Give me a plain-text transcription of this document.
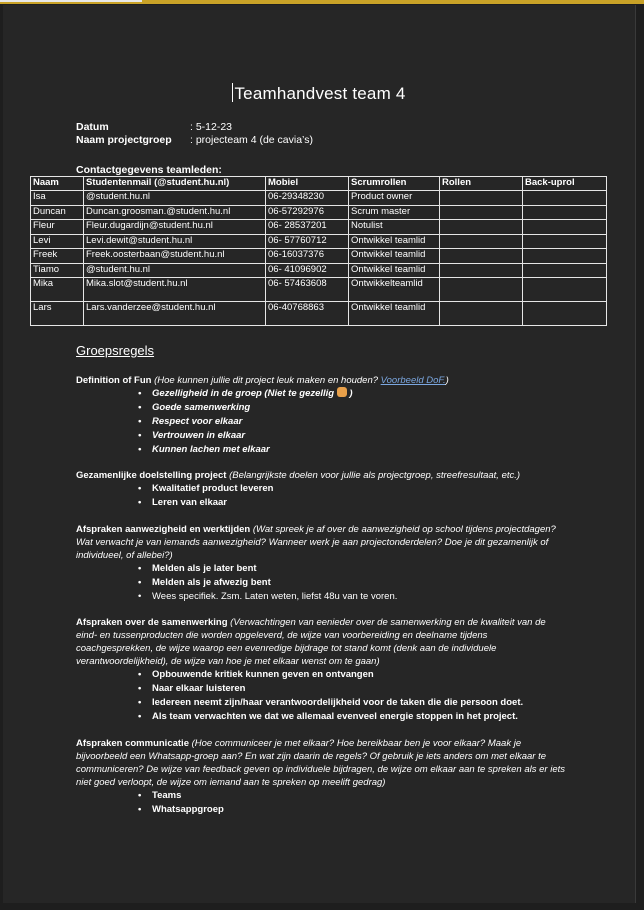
Teamhandvest team 4
Datum	: 5-12-23
Naam projectgroep : projecteam 4 (de cavia’s)
Contactgegevens teamleden:
Naam	Studentenmail (@student.hu.nl)	Mobiel	Scrumrollen	Rollen	Back-uprol
Isa	@student.hu.nl	06-29348230	Product owner		
Duncan	Duncan.groosman.@student.hu.nl	06-57292976	Scrum master		
Fleur	Fleur.dugardijn@student.hu.nl	06- 28537201	Notulist		
Levi	Levi.dewit@student.hu.nl	06- 57760712	Ontwikkel teamlid		
Freek	Freek.oosterbaan@student.hu.nl	06-16037376	Ontwikkel teamlid		
Tiamo	@student.hu.nl	06- 41096902	Ontwikkel teamlid		
Mika	Mika.slot@student.hu.nl	06- 57463608	Ontwikkelteamlid		
Lars	Lars.vanderzee@student.hu.nl	06-40768863	Ontwikkel teamlid		
Groepsregels
Definition of Fun (Hoe kunnen jullie dit project leuk maken en houden? Voorbeeld DoF.)
• Gezelligheid in de groep (Niet te gezellig )
• Goede samenwerking
• Respect voor elkaar
• Vertrouwen in elkaar
• Kunnen lachen met elkaar
Gezamenlijke doelstelling project (Belangrijkste doelen voor jullie als projectgroep, streefresultaat, etc.)
• Kwalitatief product leveren
• Leren van elkaar
Afspraken aanwezigheid en werktijden (Wat spreek je af over de aanwezigheid op school tijdens projectdagen? Wat verwacht je van iemands aanwezigheid? Wanneer werk je aan projectonderdelen? Doe je dit gezamenlijk of individueel, of allebei?)
• Melden als je later bent
• Melden als je afwezig bent
• Wees specifiek. Zsm. Laten weten, liefst 48u van te voren.
Afspraken over de samenwerking (Verwachtingen van eenieder over de samenwerking en de kwaliteit van de eind- en tussenproducten die worden opgeleverd, de wijze van voorbereiding en deelname tijdens coachgesprekken, de wijze waarop een evenredige bijdrage tot stand komt (denk aan de individuele verantwoordelijkheid), de wijze van hoe je met elkaar wenst om te gaan)
• Opbouwende kritiek kunnen geven en ontvangen
• Naar elkaar luisteren
• Iedereen neemt zijn/haar verantwoordelijkheid voor de taken die die persoon doet.
• Als team verwachten we dat we allemaal evenveel energie stoppen in het project.
Afspraken communicatie (Hoe communiceer je met elkaar? Hoe bereikbaar ben je voor elkaar? Maak je bijvoorbeeld een Whatsapp-groep aan? En wat zijn daarin de regels? Of gebruik je iets anders om met elkaar te communiceren? De wijze van feedback geven op individuele bijdragen, de wijze om elkaar aan te spreken als er iets niet goed verloopt, de wijze om iemand aan te spreken op meelift gedrag)
• Teams
• Whatsappgroep
